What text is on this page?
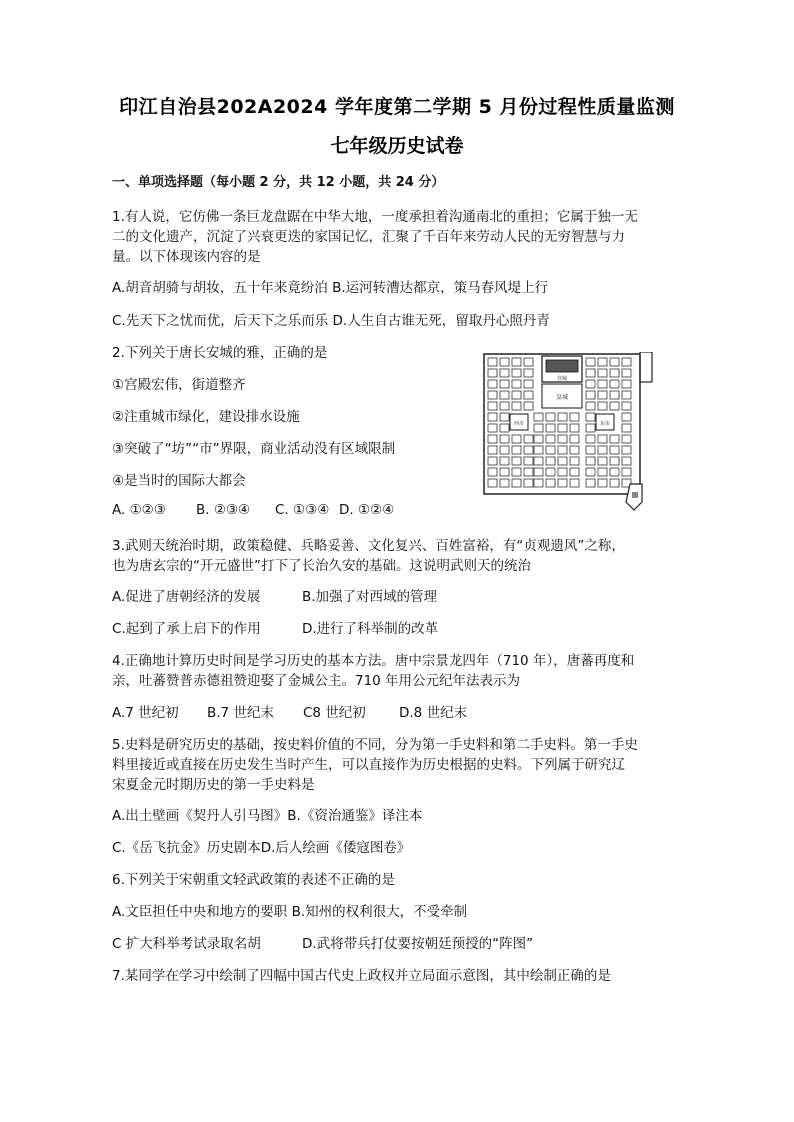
印江自治县202A2024 学年度第二学期 5 月份过程性质量监测
七年级历史试卷
一、单项选择题（每小题 2 分，共 12 小题，共 24 分）
1.有人说，它仿佛一条巨龙盘踞在中华大地，一度承担着沟通南北的重担；它属于独一无
二的文化遗产，沉淀了兴衰更迭的家国记忆，汇聚了千百年来劳动人民的无穷智慧与力
量。以下体现该内容的是
A.胡音胡骑与胡妆，五十年来竟纷泊 B.运河转漕达都京，策马春风堤上行
C.先天下之忧而优，后天下之乐而乐 D.人生自古谁无死，留取丹心照丹青
2.下列关于唐长安城的雅，正确的是
①宫殿宏伟，街道整齐
②注重城市绿化，建设排水设施
③突破了“坊”“市”界限，商业活动没有区域限制
④是当时的国际大都会
A. ①②③ B. ②③④ C. ①③④ D. ①②④
皇城
宫城
西市	东市
3.武则天统治时期，政策稳健、兵略妥善、文化复兴、百姓富裕，有“贞观遗风”之称，
也为唐玄宗的“开元盛世”打下了长治久安的基础。这说明武则天的统治
A.促进了唐朝经济的发展	B.加强了对西域的管理
C.起到了承上启下的作用	D.进行了科举制的改革
4.正确地计算历史时间是学习历史的基本方法。唐中宗景龙四年（710 年），唐蕃再度和
亲，吐蕃赞普赤德祖赞迎娶了金城公主。710 年用公元纪年法表示为
A.7 世纪初 B.7 世纪末 C8 世纪初 D.8 世纪末
5.史料是研究历史的基础，按史料价值的不同，分为第一手史料和第二手史料。第一手史
料里接近或直接在历史发生当时产生，可以直接作为历史根据的史料。下列属于研究辽
宋夏金元时期历史的第一手史料是
A.出土壁画《契丹人引马图》B.《资治通鉴》译注本
C.《岳飞抗金》历史剧本D.后人绘画《倭寇图卷》
6.下列关于宋朝重文轻武政策的表述不正确的是
A.文臣担任中央和地方的要职 B.知州的权利很大，不受牵制
C 扩大科举考试录取名胡	D.武将带兵打仗要按朝廷预授的“阵图”
7.某同学在学习中绘制了四幅中国古代史上政权并立局面示意图，其中绘制正确的是
